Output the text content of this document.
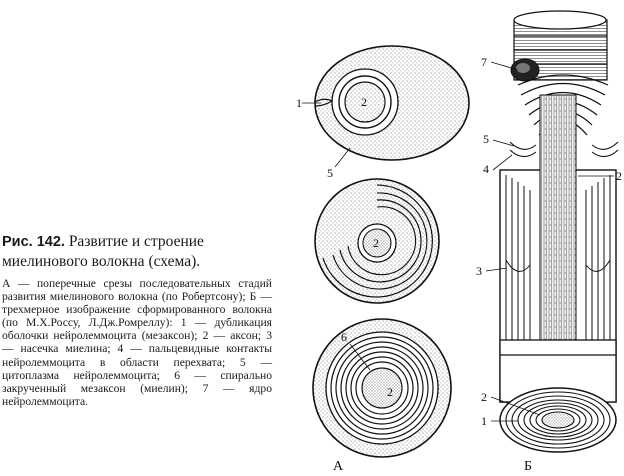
Рис. 142. Развитие и строение миелинового волокна (схема).

А — поперечные срезы последовательных стадий развития миелинового волокна (по Робертсону); Б — трехмерное изображение сформированного волокна (по М.Х.Россу, Л.Дж.Ромреллу): 1 — дубликация оболочки нейролеммоцита (мезаксон); 2 — аксон; 3 — насечка миелина; 4 — пальцевидные контакты нейролеммоцита в области перехвата; 5 — цитоплазма нейролеммоцита; 6 — спирально закрученный мезаксон (миелин); 7 — ядро нейролеммоцита.

1	2
5
2
6
2
А
7
5
4	2
3
2
1
Б
